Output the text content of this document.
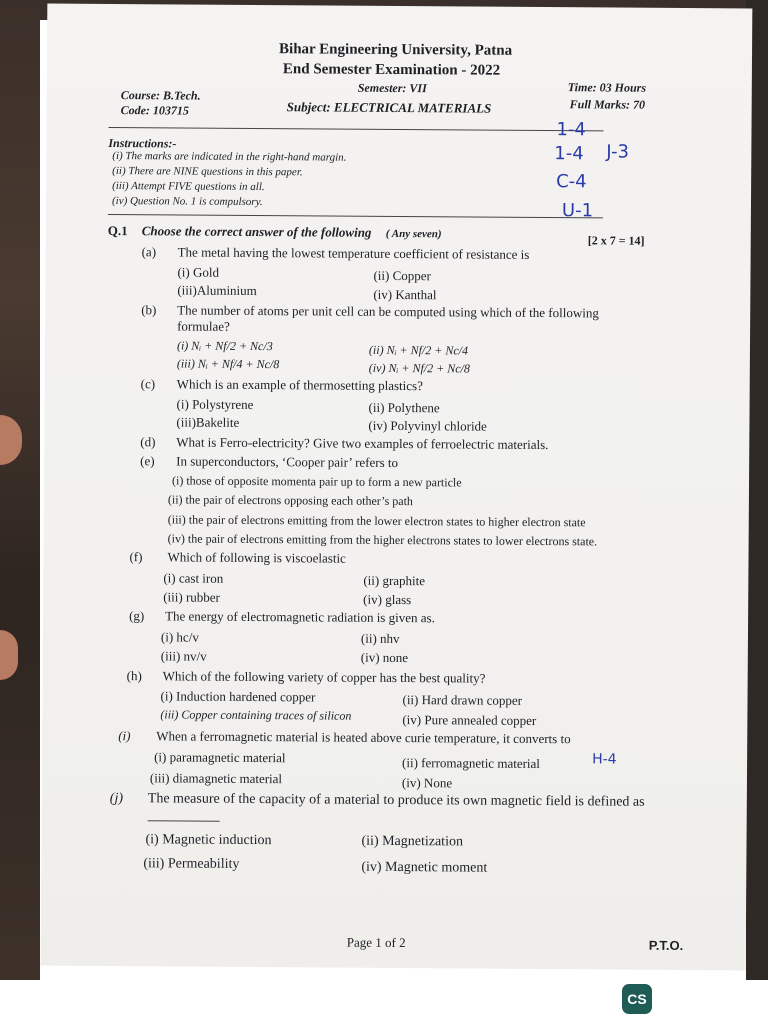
Bihar Engineering University, Patna
End Semester Examination - 2022
Semester: VII
Course: B.Tech.
Code: 103715	Subject: ELECTRICAL MATERIALS
Time: 03 Hours
Full Marks: 70
Instructions:-
(i) The marks are indicated in the right-hand margin.
(ii) There are NINE questions in this paper.
(iii) Attempt FIVE questions in all.
(iv) Question No. 1 is compulsory.
1-4
1-4 J-3
C-4
U-1
Q.1 Choose the correct answer of the following ( Any seven)	[2 x 7 = 14]
(a) The metal having the lowest temperature coefficient of resistance is
(i) Gold	(ii) Copper
(iii)Aluminium	(iv) Kanthal
(b) The number of atoms per unit cell can be computed using which of the following
formulae?
(i) Nᵢ + Nf/2 + Nc/3	(ii) Nᵢ + Nf/2 + Nc/4
(iii) Nᵢ + Nf/4 + Nc/8	(iv) Nᵢ + Nf/2 + Nc/8
(c) Which is an example of thermosetting plastics?
(i) Polystyrene	(ii) Polythene
(iii)Bakelite	(iv) Polyvinyl chloride
(d) What is Ferro-electricity? Give two examples of ferroelectric materials.
(e) In superconductors, ‘Cooper pair’ refers to
(i) those of opposite momenta pair up to form a new particle
(ii) the pair of electrons opposing each other’s path
(iii) the pair of electrons emitting from the lower electron states to higher electron state
(iv) the pair of electrons emitting from the higher electrons states to lower electrons state.
(f) Which of following is viscoelastic
(i) cast iron	(ii) graphite
(iii) rubber	(iv) glass
(g) The energy of electromagnetic radiation is given as.
(i) hc/v	(ii) nhv
(iii) nv/v	(iv) none
(h) Which of the following variety of copper has the best quality?
(i) Induction hardened copper	(ii) Hard drawn copper
(iii) Copper containing traces of silicon	(iv) Pure annealed copper
(i) When a ferromagnetic material is heated above curie temperature, it converts to
(i) paramagnetic material	(ii) ferromagnetic material
(iii) diamagnetic material	(iv) None
H-4
(j) The measure of the capacity of a material to produce its own magnetic field is defined as
(i) Magnetic induction	(ii) Magnetization
(iii) Permeability	(iv) Magnetic moment
Page 1 of 2	P.T.O.
CS
